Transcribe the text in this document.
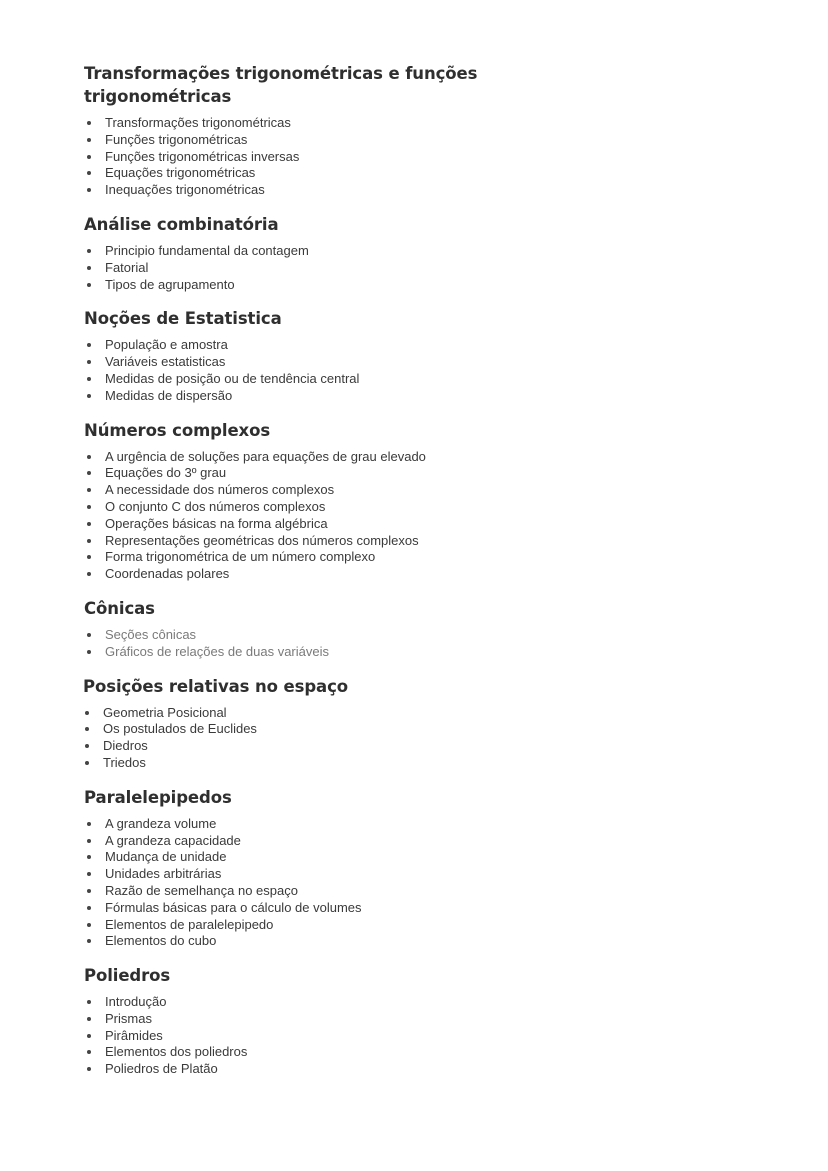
Transformações trigonométricas e funções trigonométricas
Transformações trigonométricas
Funções trigonométricas
Funções trigonométricas inversas
Equações trigonométricas
Inequações trigonométricas
Análise combinatória
Principio fundamental da contagem
Fatorial
Tipos de agrupamento
Noções de Estatistica
População e amostra
Variáveis estatisticas
Medidas de posição ou de tendência central
Medidas de dispersão
Números complexos
A urgência de soluções para equações de grau elevado
Equações do 3º grau
A necessidade dos números complexos
O conjunto C dos números complexos
Operações básicas na forma algébrica
Representações geométricas dos números complexos
Forma trigonométrica de um número complexo
Coordenadas polares
Cônicas
Seções cônicas
Gráficos de relações de duas variáveis
Posições relativas no espaço
Geometria Posicional
Os postulados de Euclides
Diedros
Triedos
Paralelepipedos
A grandeza volume
A grandeza capacidade
Mudança de unidade
Unidades arbitrárias
Razão de semelhança no espaço
Fórmulas básicas para o cálculo de volumes
Elementos de paralelepipedo
Elementos do cubo
Poliedros
Introdução
Prismas
Pirâmides
Elementos dos poliedros
Poliedros de Platão
